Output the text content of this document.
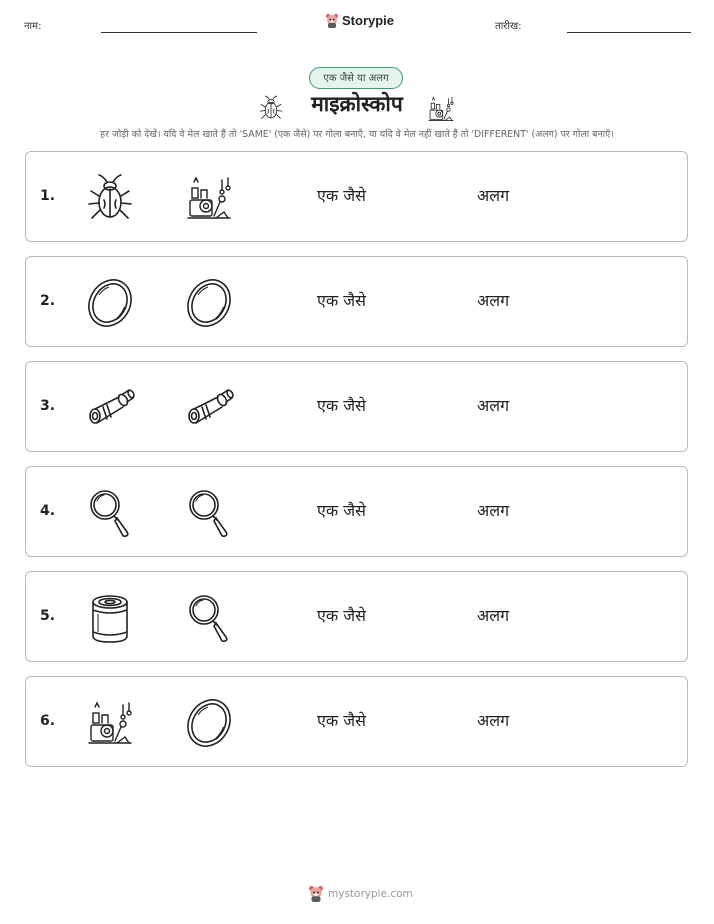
नाम:	Storypie	तारीख:
एक जैसे या अलग
माइक्रोस्कोप
हर जोड़ी को देखें। यदि वे मेल खाते हैं तो 'SAME' (एक जैसे) पर गोला बनाएँ, या यदि वे मेल नहीं खाते हैं तो 'DIFFERENT' (अलग) पर गोला बनाएँ।
1.	एक जैसे	अलग
2.	एक जैसे	अलग
3.	एक जैसे	अलग
4.	एक जैसे	अलग
5.	एक जैसे	अलग
6.	एक जैसे	अलग
mystorypie.com
